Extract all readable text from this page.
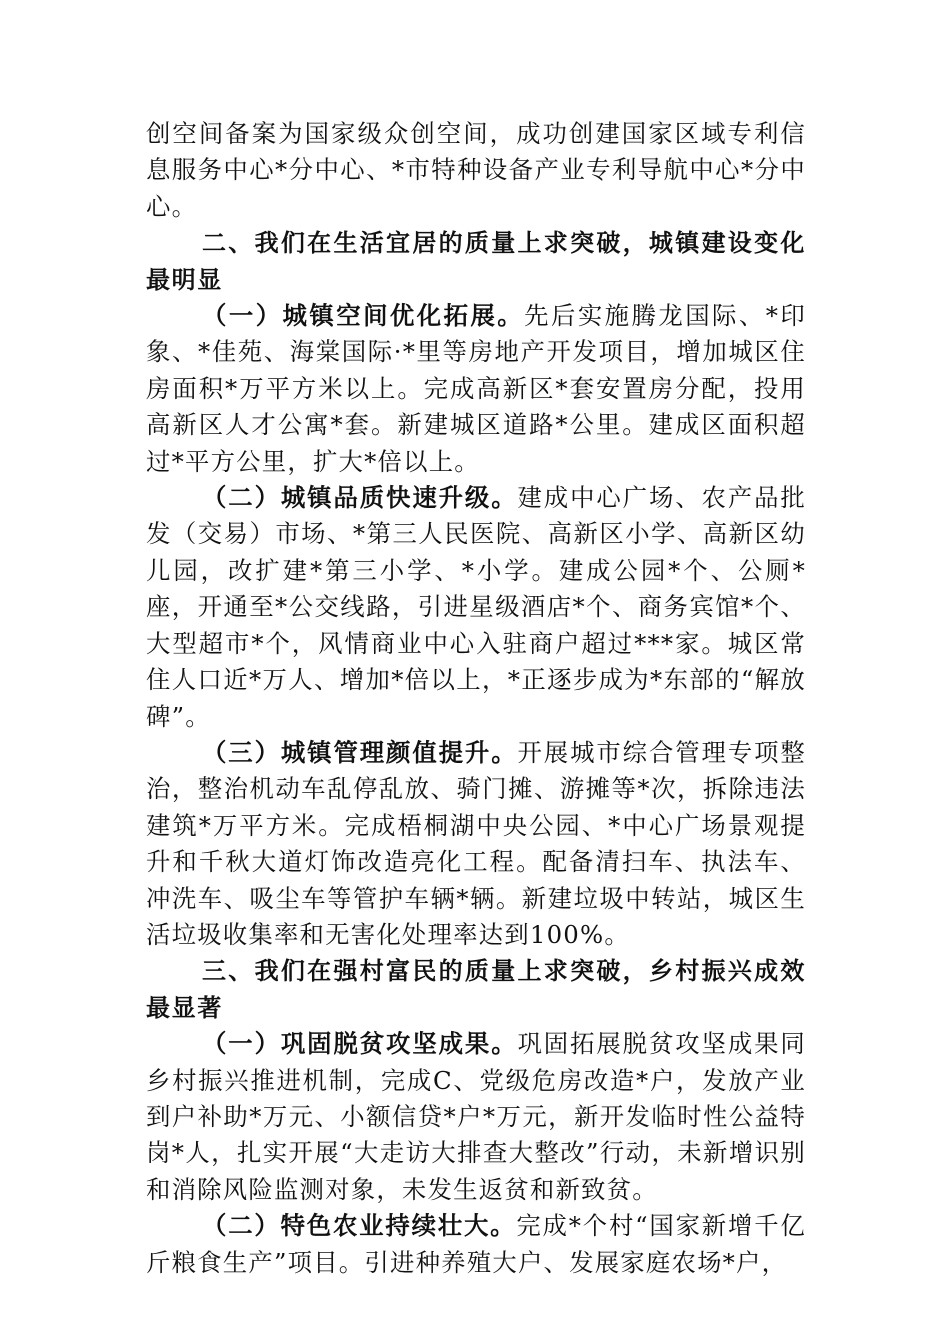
创空间备案为国家级众创空间，成功创建国家区域专利信息服务中心*分中心、*市特种设备产业专利导航中心*分中心。

二、我们在生活宜居的质量上求突破，城镇建设变化最明显

（一）城镇空间优化拓展。先后实施腾龙国际、*印象、*佳苑、海棠国际·*里等房地产开发项目，增加城区住房面积*万平方米以上。完成高新区*套安置房分配，投用高新区人才公寓*套。新建城区道路*公里。建成区面积超过*平方公里，扩大*倍以上。

（二）城镇品质快速升级。建成中心广场、农产品批发（交易）市场、*第三人民医院、高新区小学、高新区幼儿园，改扩建*第三小学、*小学。建成公园*个、公厕*座，开通至*公交线路，引进星级酒店*个、商务宾馆*个、大型超市*个，风情商业中心入驻商户超过***家。城区常住人口近*万人、增加*倍以上，*正逐步成为*东部的“解放碑”。

（三）城镇管理颜值提升。开展城市综合管理专项整治，整治机动车乱停乱放、骑门摊、游摊等*次，拆除违法建筑*万平方米。完成梧桐湖中央公园、*中心广场景观提升和千秋大道灯饰改造亮化工程。配备清扫车、执法车、冲洗车、吸尘车等管护车辆*辆。新建垃圾中转站，城区生活垃圾收集率和无害化处理率达到100%。

三、我们在强村富民的质量上求突破，乡村振兴成效最显著

（一）巩固脱贫攻坚成果。巩固拓展脱贫攻坚成果同乡村振兴推进机制，完成C、党级危房改造*户，发放产业到户补助*万元、小额信贷*户*万元，新开发临时性公益特岗*人，扎实开展“大走访大排查大整改”行动，未新增识别和消除风险监测对象，未发生返贫和新致贫。

（二）特色农业持续壮大。完成*个村“国家新增千亿斤粮食生产”项目。引进种养殖大户、发展家庭农场*户，
